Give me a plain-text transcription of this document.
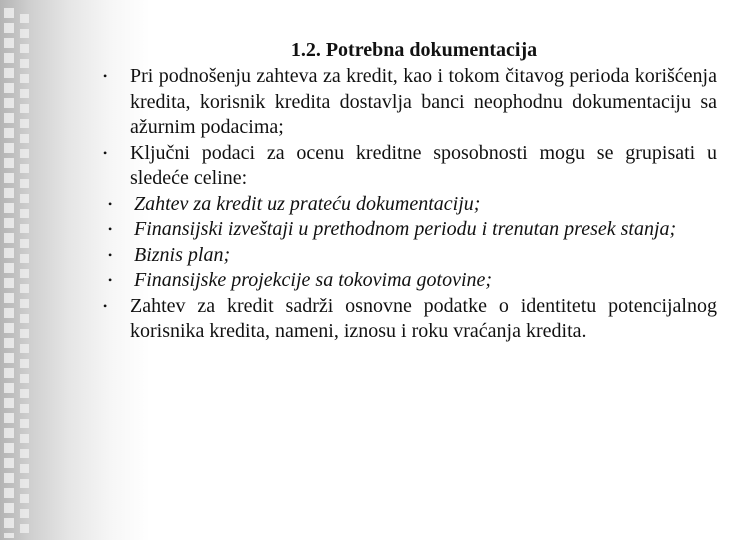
1.2. Potrebna dokumentacija
• Pri podnošenju zahteva za kredit, kao i tokom čitavog perioda korišćenja kredita, korisnik kredita dostavlja banci neophodnu dokumentaciju sa ažurnim podacima;
• Ključni podaci za ocenu kreditne sposobnosti mogu se grupisati u sledeće celine:
• Zahtev za kredit uz prateću dokumentaciju;
• Finansijski izveštaji u prethodnom periodu i trenutan presek stanja;
• Biznis plan;
• Finansijske projekcije sa tokovima gotovine;
• Zahtev za kredit sadrži osnovne podatke o identitetu potencijalnog korisnika kredita, nameni, iznosu i roku vraćanja kredita.
